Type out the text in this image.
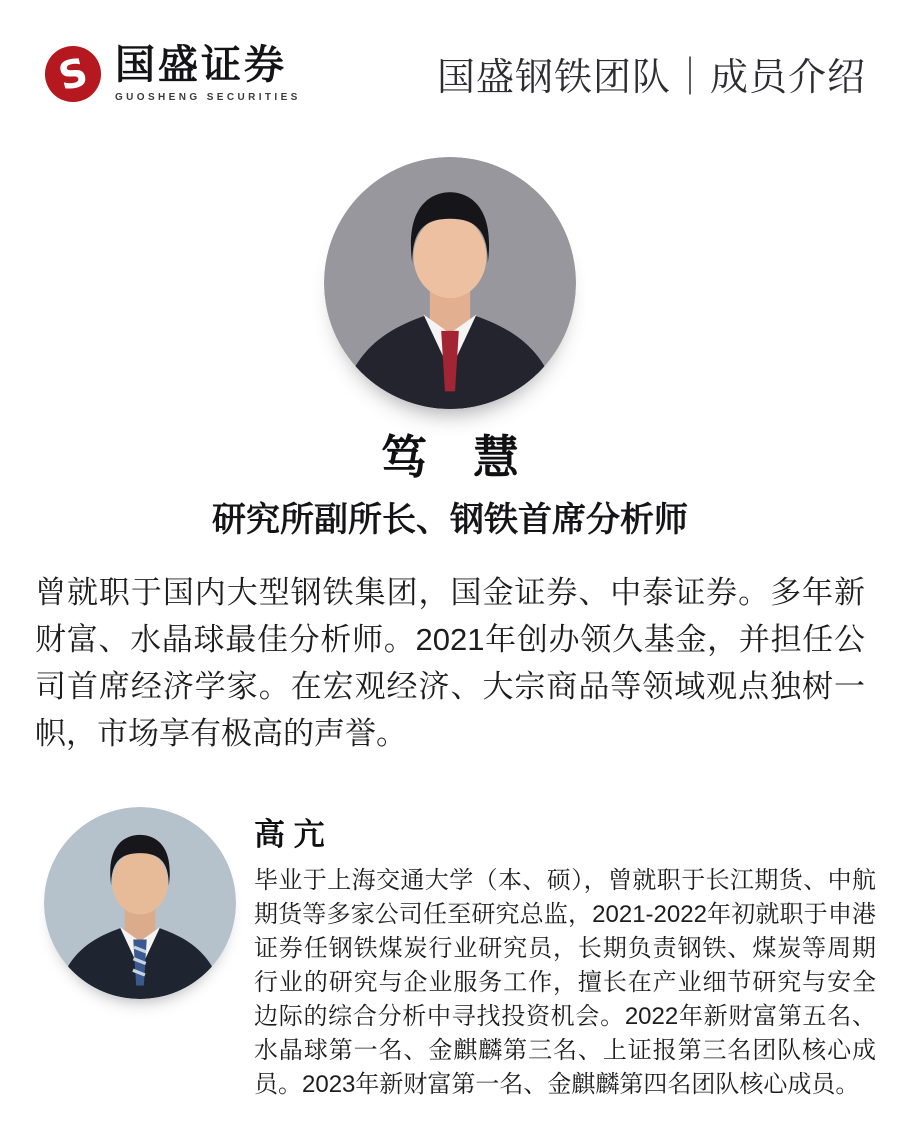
S 国盛证券
GUOSHENG SECURITIES	国盛钢铁团队｜成员介绍
笃　慧
研究所副所长、钢铁首席分析师
曾就职于国内大型钢铁集团，国金证券、中泰证券。多年新财富、水晶球最佳分析师。2021年创办领久基金，并担任公司首席经济学家。在宏观经济、大宗商品等领域观点独树一帜，市场享有极高的声誉。
高 亢
毕业于上海交通大学（本、硕），曾就职于长江期货、中航期货等多家公司任至研究总监，2021-2022年初就职于申港证券任钢铁煤炭行业研究员，长期负责钢铁、煤炭等周期行业的研究与企业服务工作，擅长在产业细节研究与安全边际的综合分析中寻找投资机会。2022年新财富第五名、水晶球第一名、金麒麟第三名、上证报第三名团队核心成员。2023年新财富第一名、金麒麟第四名团队核心成员。
